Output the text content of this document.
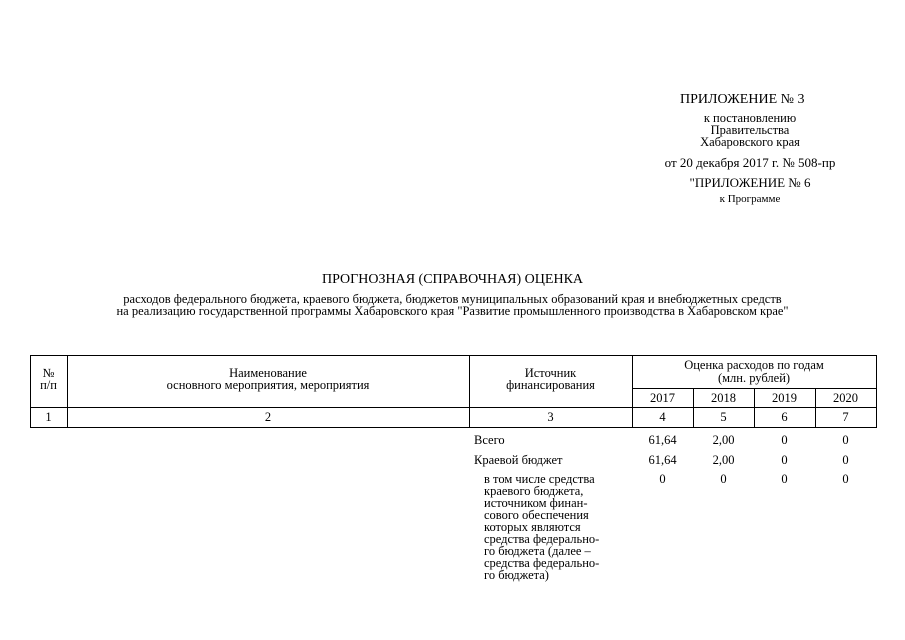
ПРИЛОЖЕНИЕ № 3
к постановлению
Правительства
Хабаровского края
от 20 декабря 2017 г. № 508-пр
"ПРИЛОЖЕНИЕ № 6
к Программе
ПРОГНОЗНАЯ (СПРАВОЧНАЯ) ОЦЕНКА
расходов федерального бюджета, краевого бюджета, бюджетов муниципальных образований края и внебюджетных средств
на реализацию государственной программы Хабаровского края "Развитие промышленного производства в Хабаровском крае"
№
п/п
Наименование
основного мероприятия, мероприятия
Источник
финансирования
Оценка расходов по годам
(млн. рублей)
2017	2018	2019	2020
1	2	3	4	5	6	7
Всего	61,64	2,00	0	0
Краевой бюджет	61,64	2,00	0	0
в том числе средства
краевого бюджета,
источником финан-
сового обеспечения
которых являются
средства федерально-
го бюджета (далее –
средства федерально-
го бюджета)
0	0	0	0
